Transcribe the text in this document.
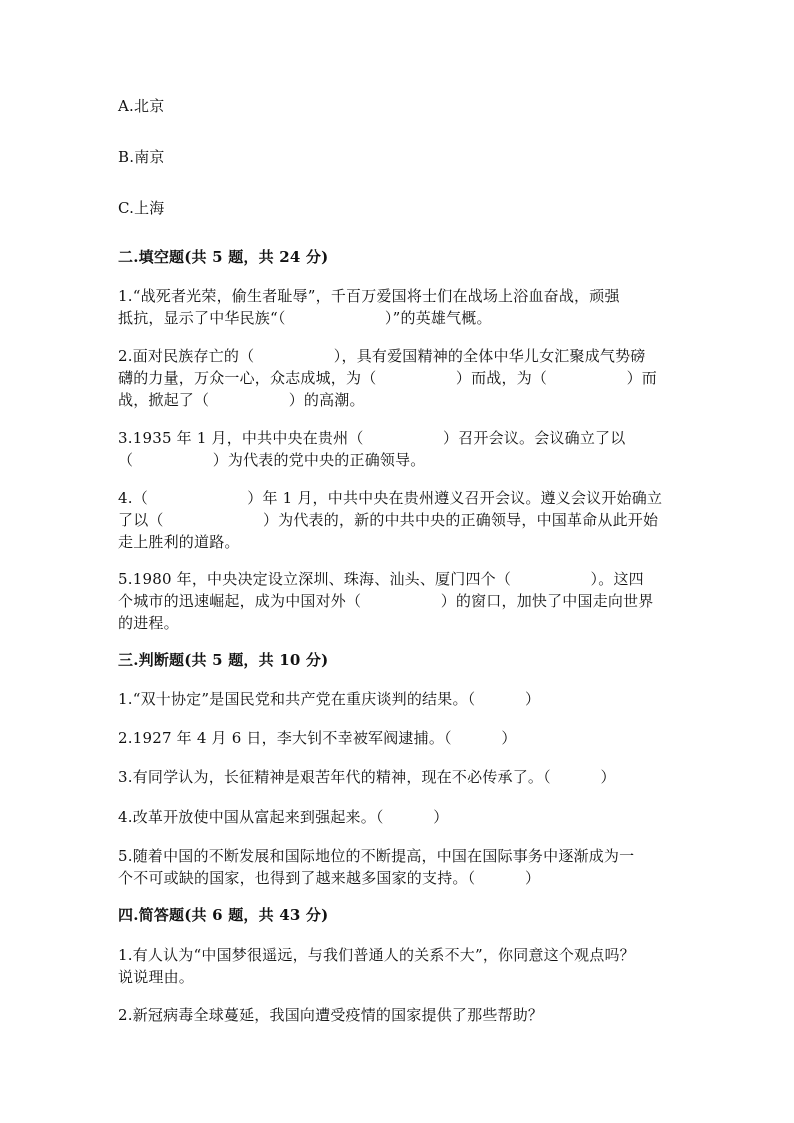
A.北京
B.南京
C.上海
二.填空题(共 5 题，共 24 分)
1.“战死者光荣，偷生者耻辱”，千百万爱国将士们在战场上浴血奋战，顽强
抵抗，显示了中华民族“（                    ）”的英雄气概。
2.面对民族存亡的（                ），具有爱国精神的全体中华儿女汇聚成气势磅
礴的力量，万众一心，众志成城，为（                ）而战，为（                ）而
战，掀起了（                ）的高潮。
3.1935 年 1 月，中共中央在贵州（                ）召开会议。会议确立了以
（                ）为代表的党中央的正确领导。
4.（                    ）年 1 月，中共中央在贵州遵义召开会议。遵义会议开始确立
了以（                    ）为代表的，新的中共中央的正确领导，中国革命从此开始
走上胜利的道路。
5.1980 年，中央决定设立深圳、珠海、汕头、厦门四个（                ）。这四
个城市的迅速崛起，成为中国对外（                ）的窗口，加快了中国走向世界
的进程。
三.判断题(共 5 题，共 10 分)
1.“双十协定”是国民党和共产党在重庆谈判的结果。（          ）
2.1927 年 4 月 6 日，李大钊不幸被军阀逮捕。（          ）
3.有同学认为，长征精神是艰苦年代的精神，现在不必传承了。（          ）
4.改革开放使中国从富起来到强起来。（          ）
5.随着中国的不断发展和国际地位的不断提高，中国在国际事务中逐渐成为一
个不可或缺的国家，也得到了越来越多国家的支持。（          ）
四.简答题(共 6 题，共 43 分)
1.有人认为“中国梦很遥远，与我们普通人的关系不大”，你同意这个观点吗？
说说理由。
2.新冠病毒全球蔓延，我国向遭受疫情的国家提供了那些帮助？
